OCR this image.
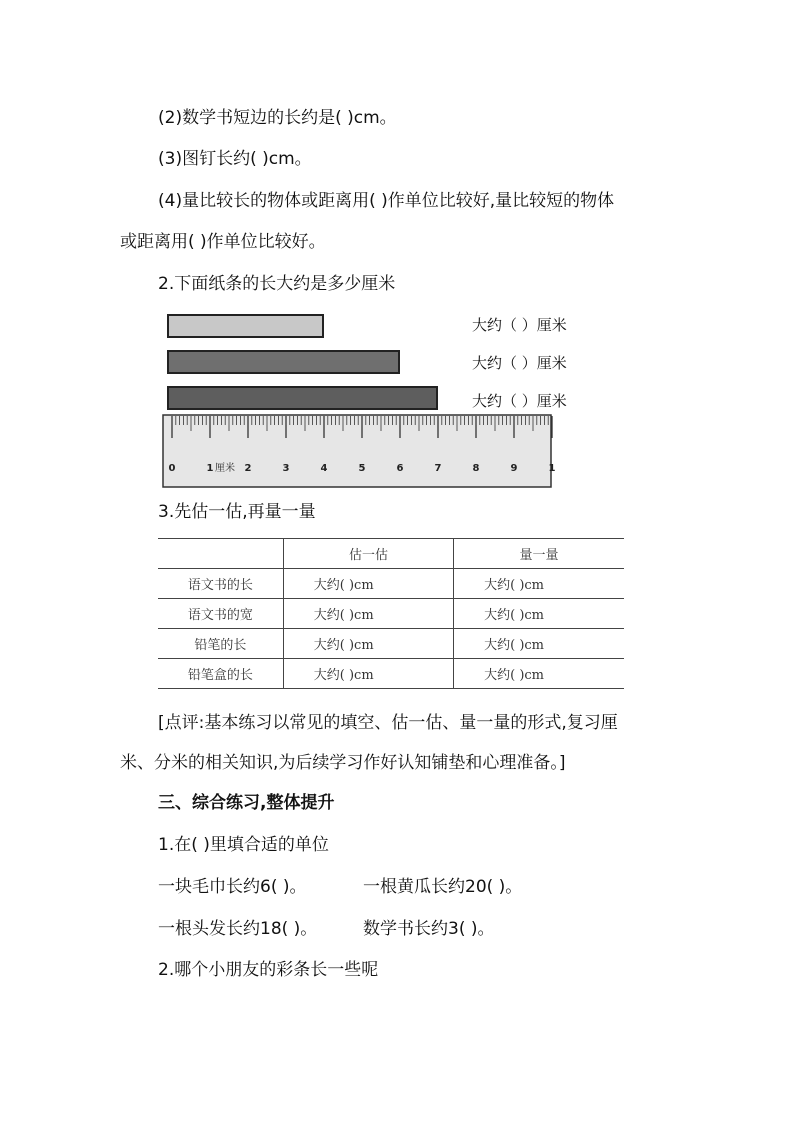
(2)数学书短边的长约是( )cm。
(3)图钉长约( )cm。
(4)量比较长的物体或距离用( )作单位比较好,量比较短的物体
或距离用( )作单位比较好。
2.下面纸条的长大约是多少厘米
大约（ ）厘米
大约（ ）厘米
大约（ ）厘米
0	1	2	3	4	5	6	7	8	9	1
厘米
3.先估一估,再量一量
	估一估	量一量
语文书的长	大约( )cm	大约( )cm
语文书的宽	大约( )cm	大约( )cm
铅笔的长	大约( )cm	大约( )cm
铅笔盒的长	大约( )cm	大约( )cm
[点评:基本练习以常见的填空、估一估、量一量的形式,复习厘
米、分米的相关知识,为后续学习作好认知铺垫和心理准备。]
三、综合练习,整体提升
1.在( )里填合适的单位
一块毛巾长约6( )。	一根黄瓜长约20( )。
一根头发长约18( )。	数学书长约3( )。
2.哪个小朋友的彩条长一些呢
